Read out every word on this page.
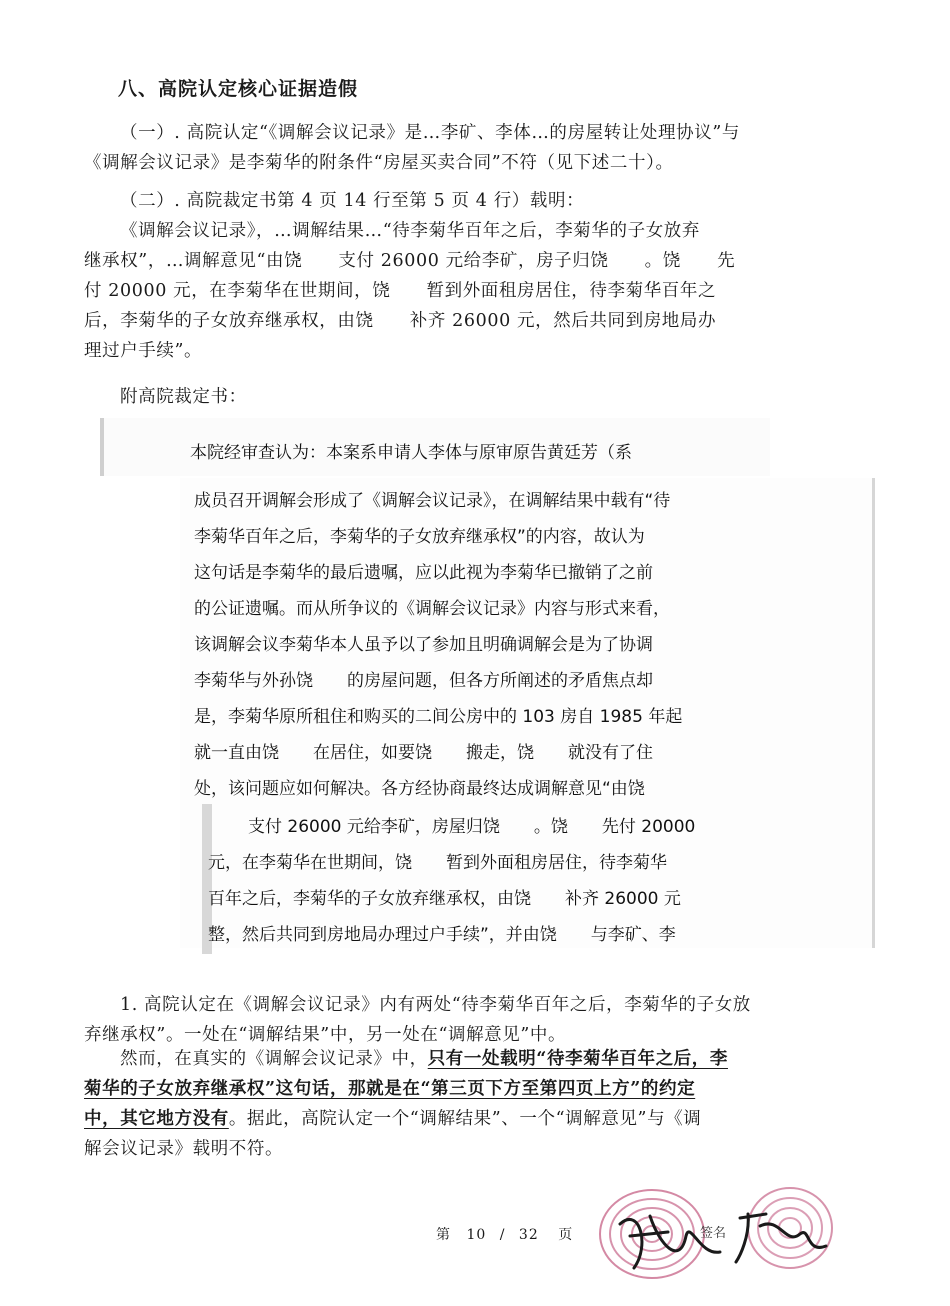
八、高院认定核心证据造假
（一）. 高院认定“《调解会议记录》是…李矿、李体…的房屋转让处理协议”与
《调解会议记录》是李菊华的附条件“房屋买卖合同”不符（见下述二十）。
（二）. 高院裁定书第 4 页 14 行至第 5 页 4 行）载明：
《调解会议记录》，…调解结果…“待李菊华百年之后，李菊华的子女放弃
继承权”，…调解意见“由饶　　支付 26000 元给李矿，房子归饶　　。饶　　先
付 20000 元，在李菊华在世期间，饶　　暂到外面租房居住，待李菊华百年之
后，李菊华的子女放弃继承权，由饶　　补齐 26000 元，然后共同到房地局办
理过户手续”。
附高院裁定书：
本院经审查认为：本案系申请人李体与原审原告黄廷芳（系
成员召开调解会形成了《调解会议记录》，在调解结果中载有“待
李菊华百年之后，李菊华的子女放弃继承权”的内容，故认为
这句话是李菊华的最后遗嘱，应以此视为李菊华已撤销了之前
的公证遗嘱。而从所争议的《调解会议记录》内容与形式来看，
该调解会议李菊华本人虽予以了参加且明确调解会是为了协调
李菊华与外孙饶　　的房屋问题，但各方所阐述的矛盾焦点却
是，李菊华原所租住和购买的二间公房中的 103 房自 1985 年起
就一直由饶　　在居住，如要饶　　搬走，饶　　就没有了住
处，该问题应如何解决。各方经协商最终达成调解意见“由饶
支付 26000 元给李矿，房屋归饶　　。饶　　先付 20000
元，在李菊华在世期间，饶　　暂到外面租房居住，待李菊华
百年之后，李菊华的子女放弃继承权，由饶　　补齐 26000 元
整，然后共同到房地局办理过户手续”，并由饶　　与李矿、李
1. 高院认定在《调解会议记录》内有两处“待李菊华百年之后，李菊华的子女放
弃继承权”。一处在“调解结果”中，另一处在“调解意见”中。
然而，在真实的《调解会议记录》中，只有一处载明“待李菊华百年之后，李
菊华的子女放弃继承权”这句话，那就是在“第三页下方至第四页上方”的约定
中，其它地方没有。据此，高院认定一个“调解结果”、一个“调解意见”与《调
解会议记录》载明不符。
第 10 / 32 页	签名
